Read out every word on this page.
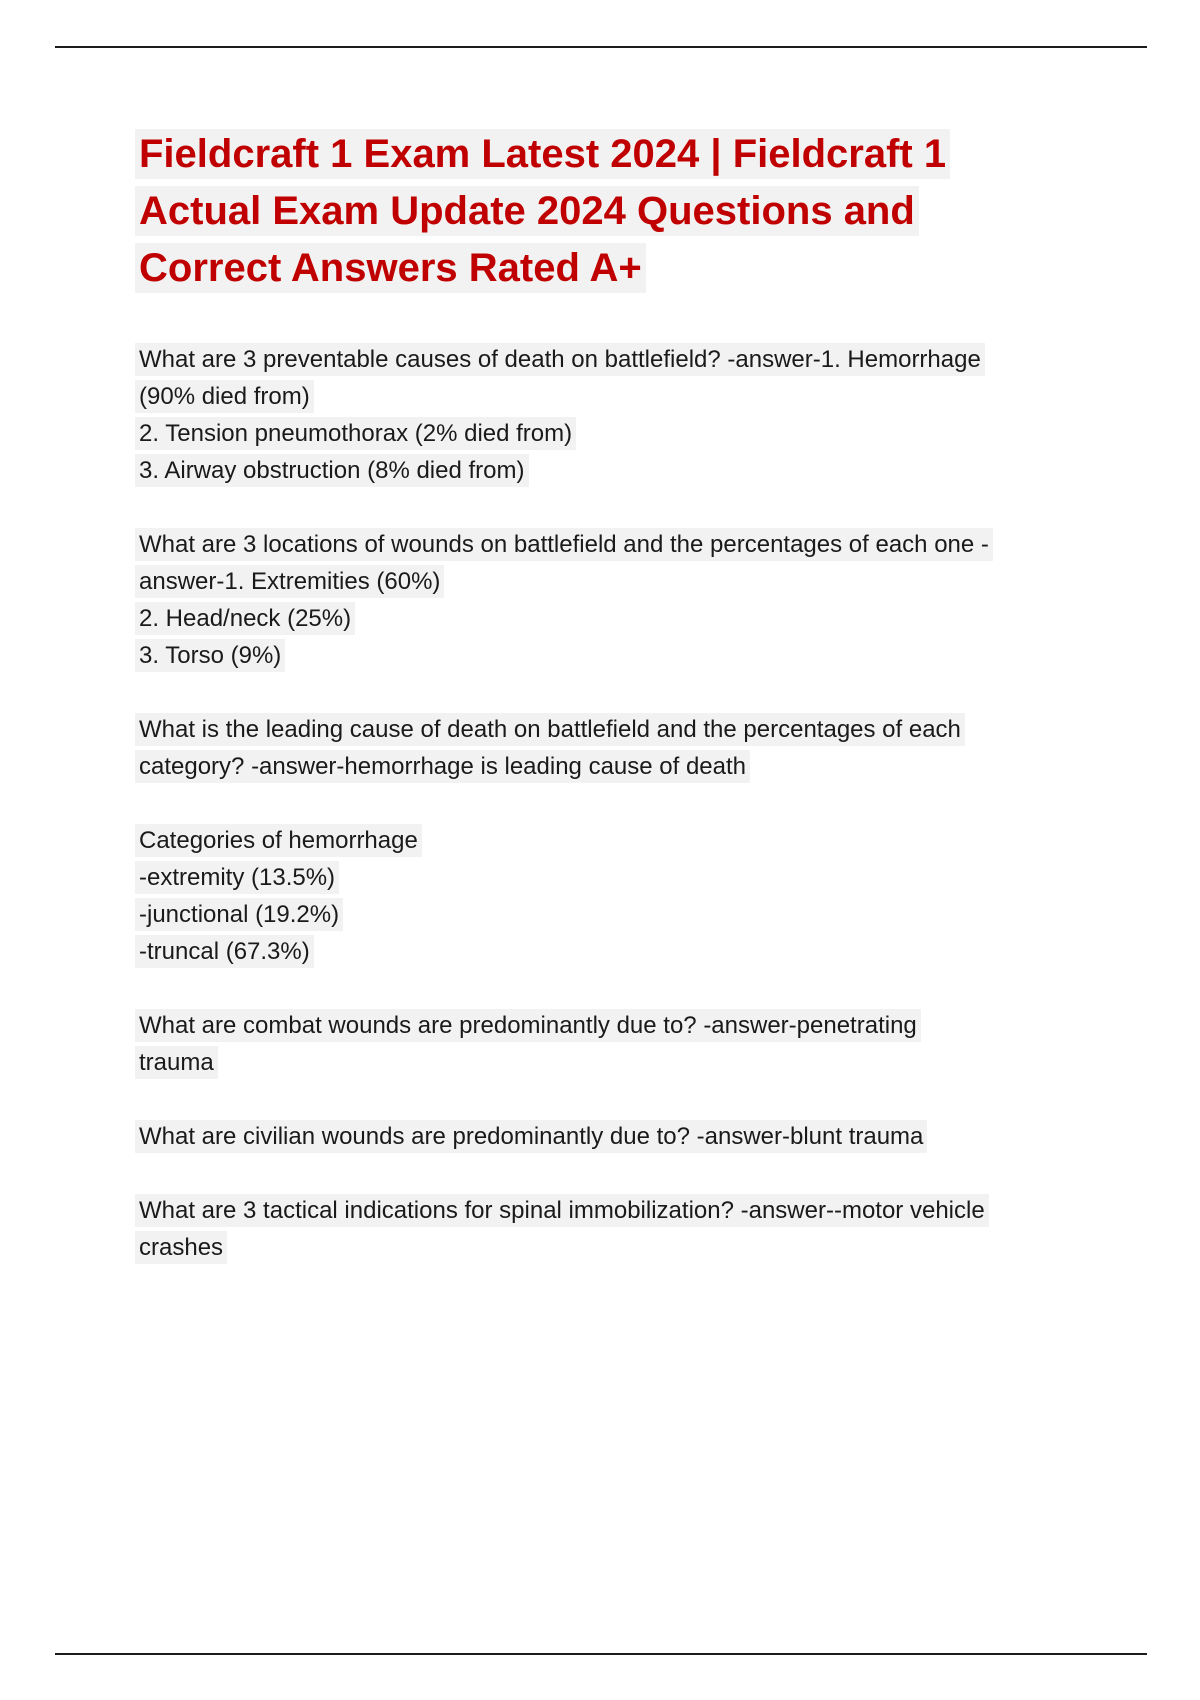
Fieldcraft 1 Exam Latest 2024 | Fieldcraft 1 Actual Exam Update 2024 Questions and Correct Answers Rated A+
What are 3 preventable causes of death on battlefield? -answer-1. Hemorrhage (90% died from)
2. Tension pneumothorax (2% died from)
3. Airway obstruction (8% died from)
What are 3 locations of wounds on battlefield and the percentages of each one -answer-1. Extremities (60%)
2. Head/neck (25%)
3. Torso (9%)
What is the leading cause of death on battlefield and the percentages of each category? -answer-hemorrhage is leading cause of death
Categories of hemorrhage
-extremity (13.5%)
-junctional (19.2%)
-truncal (67.3%)
What are combat wounds are predominantly due to? -answer-penetrating trauma
What are civilian wounds are predominantly due to? -answer-blunt trauma
What are 3 tactical indications for spinal immobilization? -answer--motor vehicle crashes
